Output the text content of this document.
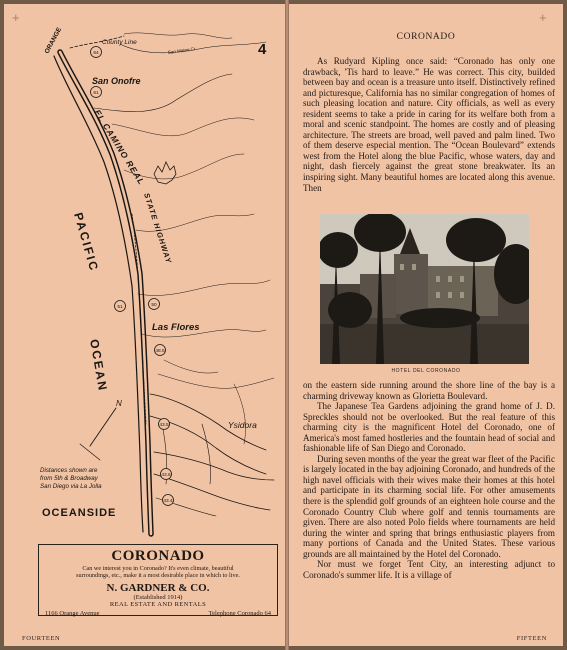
+
64
61
51	50
48.5
43.5
43.6
43.4
4
ORANGE	County Line
San Mateo Cr
San Onofre
EL CAMINO REAL
STATE HIGHWAY
PACIFIC
OCEAN
Las Flores
Ysidora
OCEANSIDE
N
Distances shown are
from 5th & Broadway
San Diego via La Jolla
CORONADO
Can we interest you in Coronado? It's even climate, beautiful
surroundings, etc., make it a most desirable place in which to live.
N. GARDNER & CO.
(Established 1914)
REAL ESTATE AND RENTALS
1166 Orange Avenue	Telephone Coronado 64
FOURTEEN
+
CORONADO

As Rudyard Kipling once said: “Coronado has only one drawback, 'Tis hard to leave.” He was correct. This city, builded between bay and ocean is a treasure unto itself. Distinctively refined and picturesque, California has no similar congregation of homes of such pleasing location and nature. City officials, as well as every resident seems to take a pride in caring for its welfare both from a moral and scenic standpoint. The homes are costly and of pleasing architecture. The streets are broad, well paved and palm lined. Two of them deserve especial mention. The “Ocean Boulevard” extends west from the Hotel along the blue Pacific, whose waters, day and night, dash fiercely against the great stone breakwater. Its an inspiring sight. Many beautiful homes are located along this avenue. Then

HOTEL DEL CORONADO
on the eastern side running around the shore line of the bay is a charming driveway known as Glorietta Boulevard.

The Japanese Tea Gardens adjoining the grand home of J. D. Spreckles should not be overlooked. But the real feature of this charming city is the magnificent Hotel del Coronado, one of America's most famed hostleries and the fountain head of social and fashionable life of San Diego and Coronado.

During seven months of the year the great war fleet of the Pacific is largely located in the bay adjoining Coronado, and hundreds of the high navel officials with their wives make their homes at this hotel and participate in its charming social life. For other amusements there is the splendid golf grounds of an eighteen hole course and the Coronado Country Club where golf and tennis tournaments are given. There are also noted Polo fields where tournaments are held during the winter and spring that brings enthusiastic players from many portions of Canada and the United States. These various grounds are all maintained by the Hotel del Coronado.

Nor must we forget Tent City, an interesting adjunct to Coronado's summer life. It is a village of

FIFTEEN
